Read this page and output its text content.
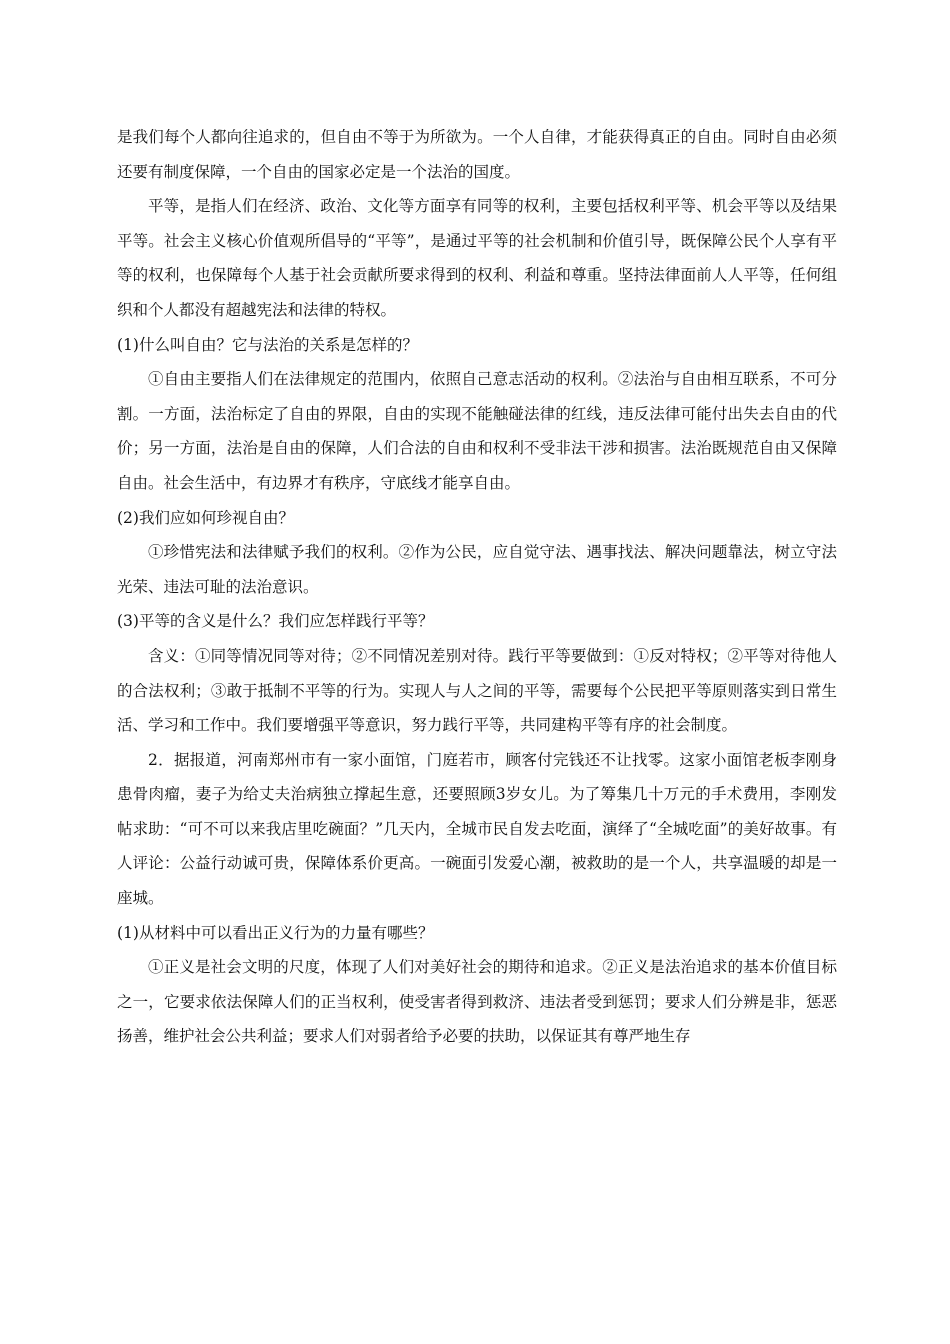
是我们每个人都向往追求的，但自由不等于为所欲为。一个人自律，才能获得真正的自由。同时自由必须还要有制度保障，一个自由的国家必定是一个法治的国度。

平等，是指人们在经济、政治、文化等方面享有同等的权利，主要包括权利平等、机会平等以及结果平等。社会主义核心价值观所倡导的“平等”，是通过平等的社会机制和价值引导，既保障公民个人享有平等的权利，也保障每个人基于社会贡献所要求得到的权利、利益和尊重。坚持法律面前人人平等，任何组织和个人都没有超越宪法和法律的特权。

(1)什么叫自由？它与法治的关系是怎样的？

①自由主要指人们在法律规定的范围内，依照自己意志活动的权利。②法治与自由相互联系，不可分割。一方面，法治标定了自由的界限，自由的实现不能触碰法律的红线，违反法律可能付出失去自由的代价；另一方面，法治是自由的保障，人们合法的自由和权利不受非法干涉和损害。法治既规范自由又保障自由。社会生活中，有边界才有秩序，守底线才能享自由。

(2)我们应如何珍视自由？

①珍惜宪法和法律赋予我们的权利。②作为公民，应自觉守法、遇事找法、解决问题靠法，树立守法光荣、违法可耻的法治意识。

(3)平等的含义是什么？我们应怎样践行平等？

含义：①同等情况同等对待；②不同情况差别对待。践行平等要做到：①反对特权；②平等对待他人的合法权利；③敢于抵制不平等的行为。实现人与人之间的平等，需要每个公民把平等原则落实到日常生活、学习和工作中。我们要增强平等意识，努力践行平等，共同建构平等有序的社会制度。

2．据报道，河南郑州市有一家小面馆，门庭若市，顾客付完钱还不让找零。这家小面馆老板李刚身患骨肉瘤，妻子为给丈夫治病独立撑起生意，还要照顾3岁女儿。为了筹集几十万元的手术费用，李刚发帖求助：“可不可以来我店里吃碗面？”几天内，全城市民自发去吃面，演绎了“全城吃面”的美好故事。有人评论：公益行动诚可贵，保障体系价更高。一碗面引发爱心潮，被救助的是一个人，共享温暖的却是一座城。

(1)从材料中可以看出正义行为的力量有哪些？

①正义是社会文明的尺度，体现了人们对美好社会的期待和追求。②正义是法治追求的基本价值目标之一，它要求依法保障人们的正当权利，使受害者得到救济、违法者受到惩罚；要求人们分辨是非，惩恶扬善，维护社会公共利益；要求人们对弱者给予必要的扶助，以保证其有尊严地生存
